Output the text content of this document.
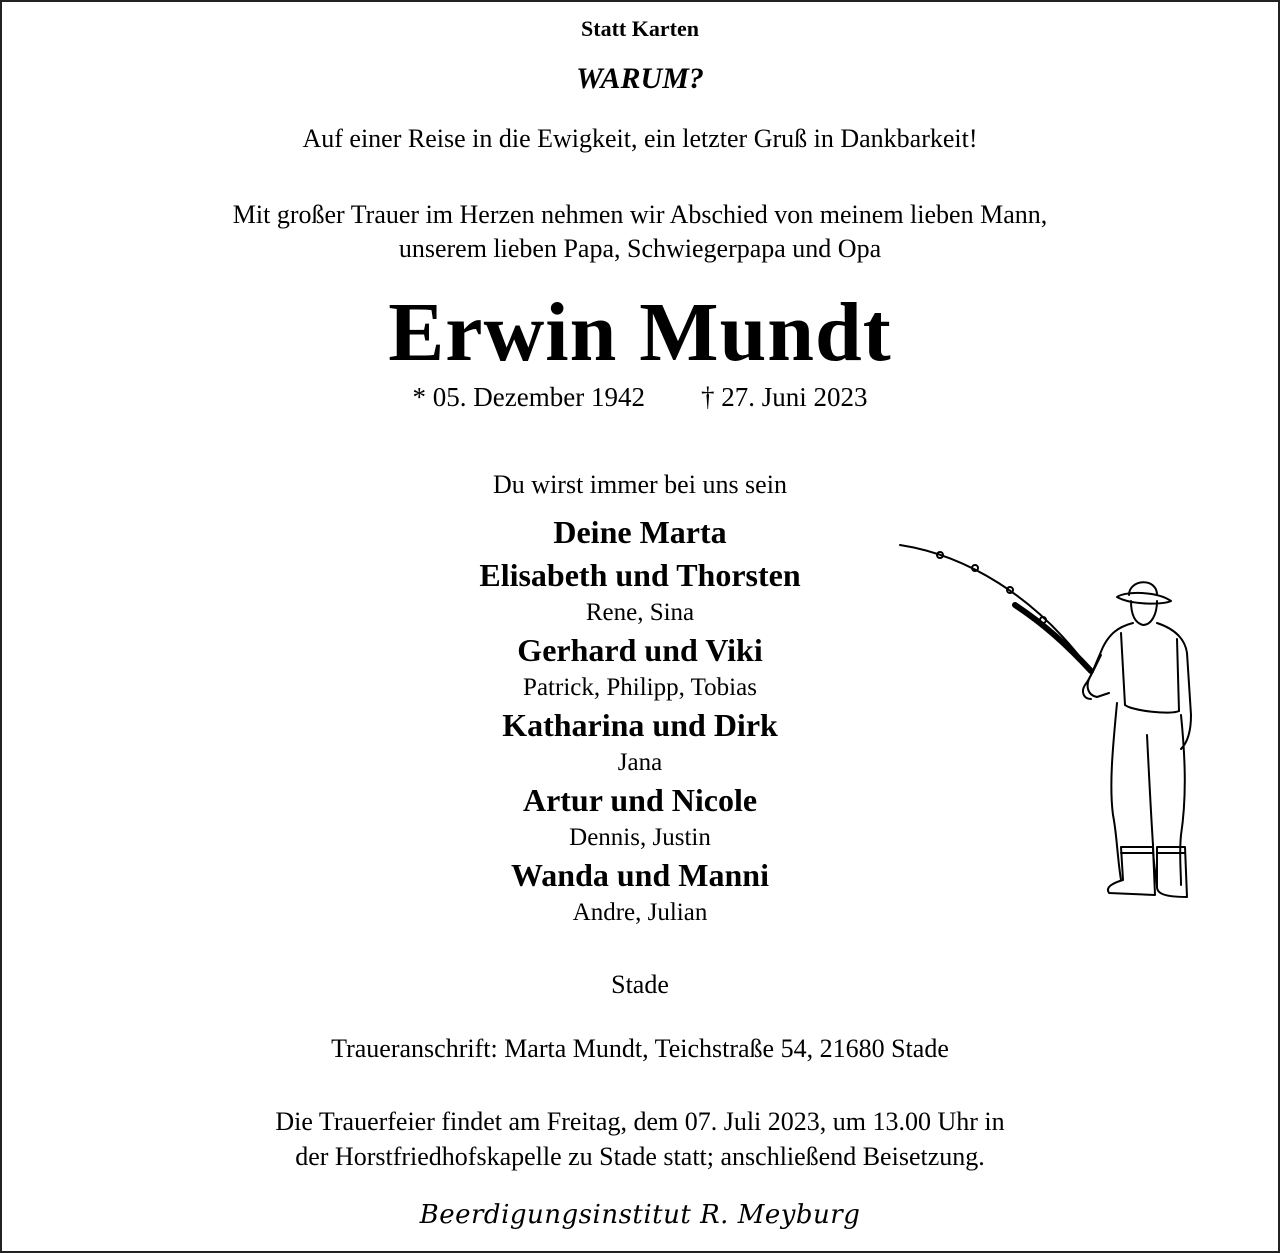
Statt Karten
WARUM?
Auf einer Reise in die Ewigkeit, ein letzter Gruß in Dankbarkeit!
Mit großer Trauer im Herzen nehmen wir Abschied von meinem lieben Mann,
unserem lieben Papa, Schwiegerpapa und Opa
Erwin Mundt
* 05. Dezember 1942 † 27. Juni 2023
Du wirst immer bei uns sein
Deine Marta
Elisabeth und Thorsten
Rene, Sina
Gerhard und Viki
Patrick, Philipp, Tobias
Katharina und Dirk
Jana
Artur und Nicole
Dennis, Justin
Wanda und Manni
Andre, Julian
Stade
Traueranschrift: Marta Mundt, Teichstraße 54, 21680 Stade
Die Trauerfeier findet am Freitag, dem 07. Juli 2023, um 13.00 Uhr in
der Horstfriedhofskapelle zu Stade statt; anschließend Beisetzung.
Beerdigungsinstitut R. Meyburg
